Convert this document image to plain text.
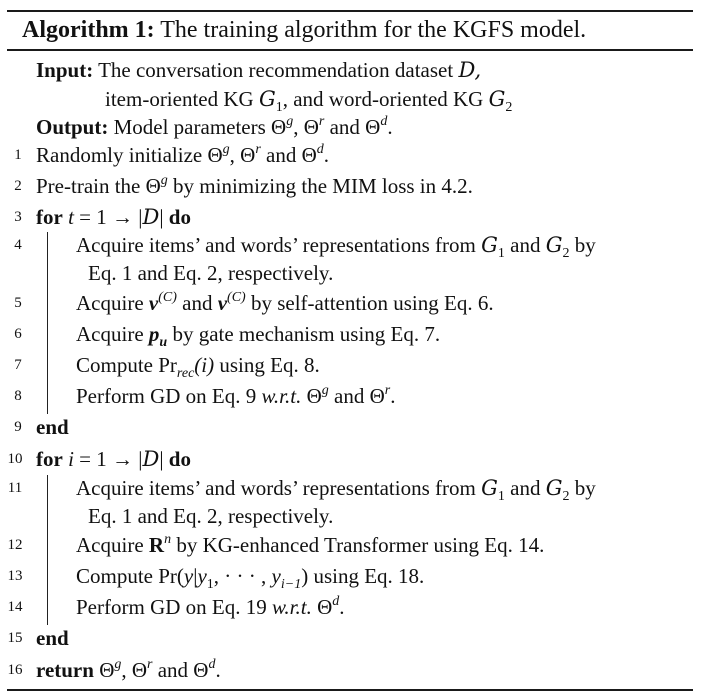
Algorithm 1: The training algorithm for the KGFS model.
Input: The conversation recommendation dataset D,
item-oriented KG $G_1$, and word-oriented KG $G_2$
Output: Model parameters $\Theta^g$, $\Theta^r$ and $\Theta^d$.
1 Randomly initialize $\Theta^g$, $\Theta^r$ and $\Theta^d$.
2 Pre-train the $\Theta^g$ by minimizing the MIM loss in 4.2.
3 for t = 1 → |D| do
4	Acquire items’ and words’ representations from $G_1$ and $G_2$ by
Eq. 1 and Eq. 2, respectively.
5	Acquire $v^{(C)}$ and $v^{(C)}$ by self-attention using Eq. 6.
6	Acquire $p_u$ by gate mechanism using Eq. 7.
7	Compute $Pr_{rec}(i)$ using Eq. 8.
8	Perform GD on Eq. 9 w.r.t. $\Theta^g$ and $\Theta^r$.
9 end
10 for i = 1 → |D| do
11	Acquire items’ and words’ representations from $G_1$ and $G_2$ by
Eq. 1 and Eq. 2, respectively.
12	Acquire $R^n$ by KG-enhanced Transformer using Eq. 14.
13	Compute $Pr(y|y_1$, · · · , $y_{i-1}$) using Eq. 18.
14	Perform GD on Eq. 19 w.r.t. $\Theta^d$.
15 end
16 return $\Theta^g$, $\Theta^r$ and $\Theta^d$.
